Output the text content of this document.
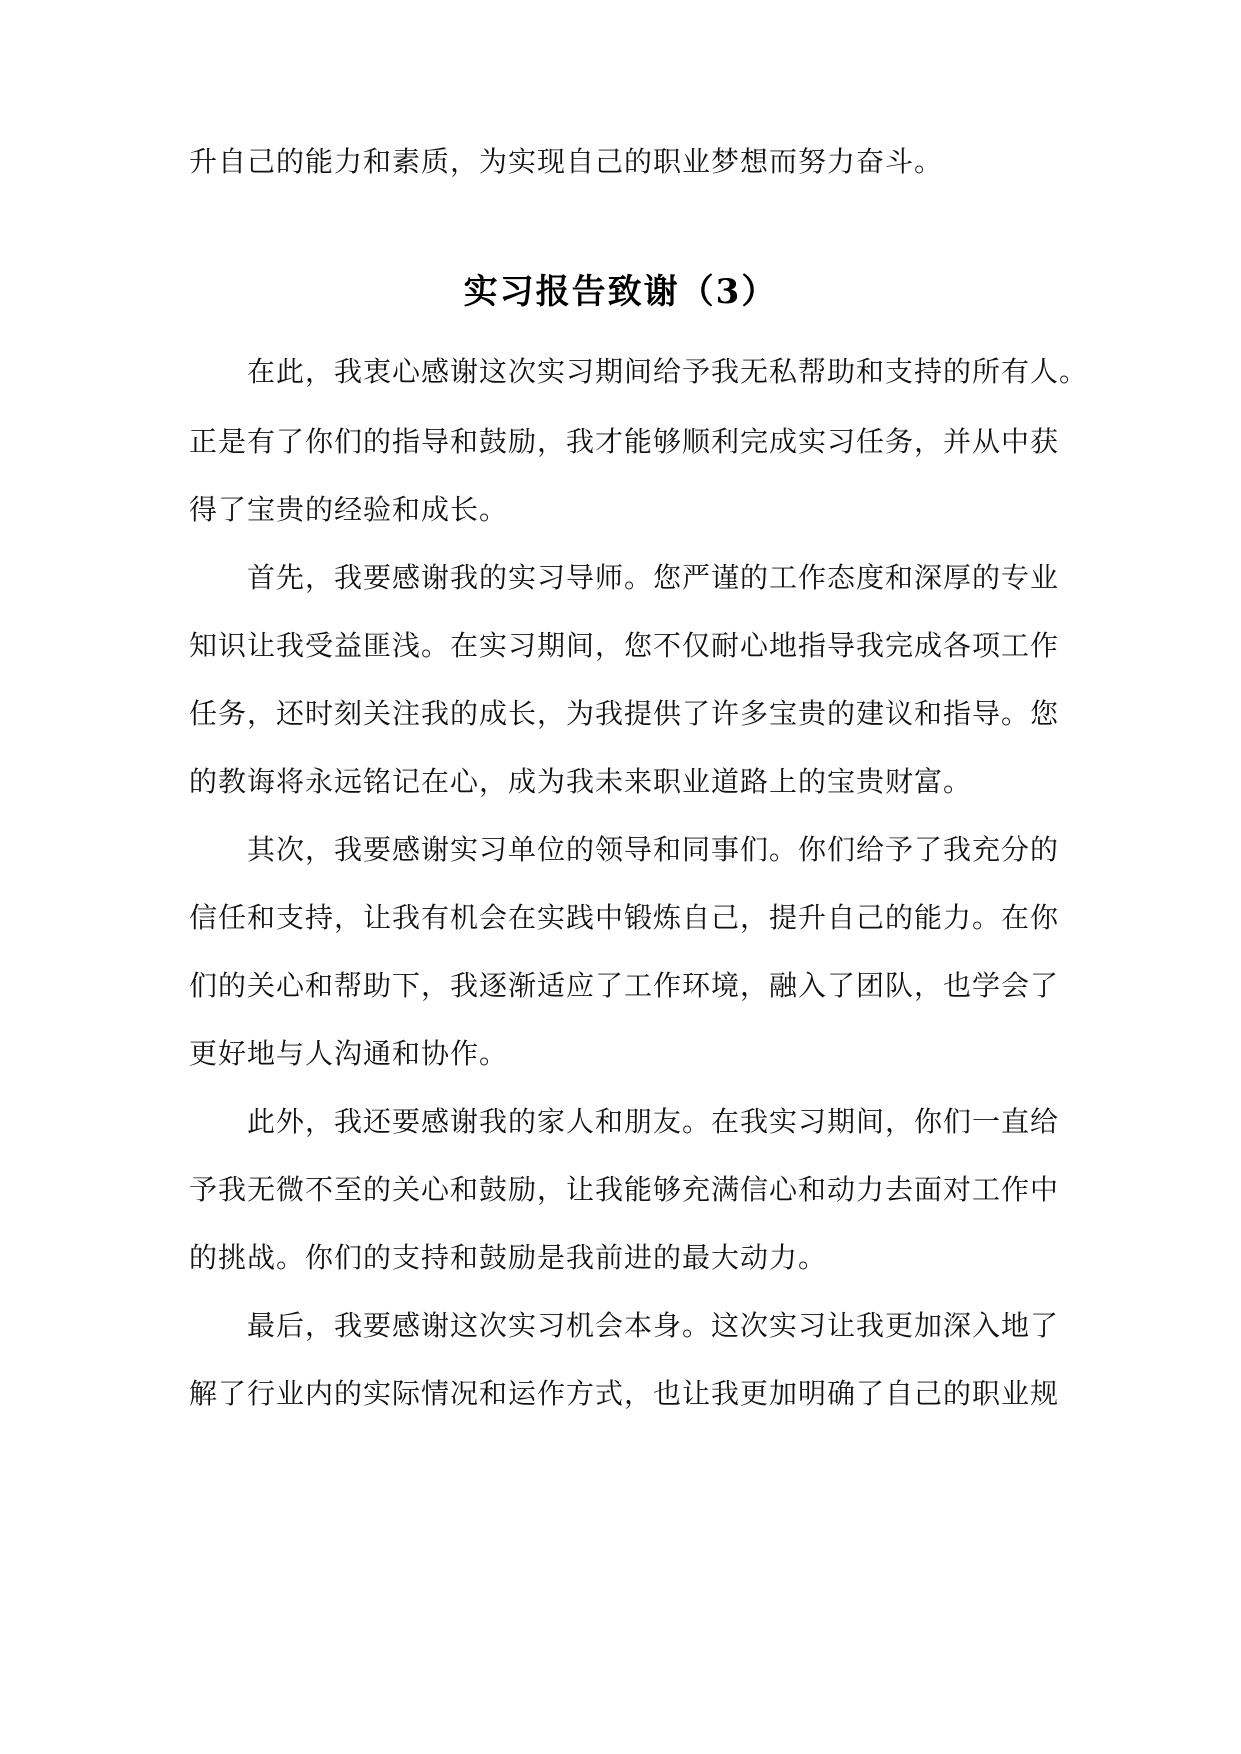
升自己的能力和素质，为实现自己的职业梦想而努力奋斗。
实习报告致谢（3）
在此，我衷心感谢这次实习期间给予我无私帮助和支持的所有人。
正是有了你们的指导和鼓励，我才能够顺利完成实习任务，并从中获
得了宝贵的经验和成长。
首先，我要感谢我的实习导师。您严谨的工作态度和深厚的专业
知识让我受益匪浅。在实习期间，您不仅耐心地指导我完成各项工作
任务，还时刻关注我的成长，为我提供了许多宝贵的建议和指导。您
的教诲将永远铭记在心，成为我未来职业道路上的宝贵财富。
其次，我要感谢实习单位的领导和同事们。你们给予了我充分的
信任和支持，让我有机会在实践中锻炼自己，提升自己的能力。在你
们的关心和帮助下，我逐渐适应了工作环境，融入了团队，也学会了
更好地与人沟通和协作。
此外，我还要感谢我的家人和朋友。在我实习期间，你们一直给
予我无微不至的关心和鼓励，让我能够充满信心和动力去面对工作中
的挑战。你们的支持和鼓励是我前进的最大动力。
最后，我要感谢这次实习机会本身。这次实习让我更加深入地了
解了行业内的实际情况和运作方式，也让我更加明确了自己的职业规
